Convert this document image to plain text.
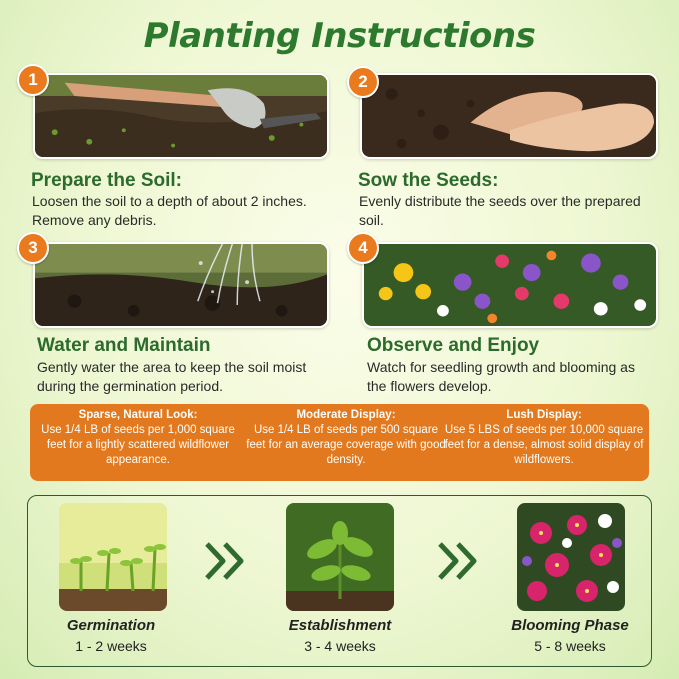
Planting Instructions
1
Prepare the Soil:
Loosen the soil to a depth of about 2 inches. Remove any debris.
2
Sow the Seeds:
Evenly distribute the seeds over the prepared soil.
3
Water and Maintain
Gently water the area to keep the soil moist during the germination period.
4
Observe and Enjoy
Watch for seedling growth and blooming as the flowers develop.
Sparse, Natural Look:
Use 1/4 LB of seeds per 1,000 square feet for a lightly scattered wildflower appearance.
Moderate Display:
Use 1/4 LB of seeds per 500 square feet for an average coverage with good density.
Lush Display:
Use 5 LBS of seeds per 10,000 square feet for a dense, almost solid display of wildflowers.
Germination
1 - 2 weeks
Establishment
3 - 4 weeks
Blooming Phase
5 - 8 weeks
